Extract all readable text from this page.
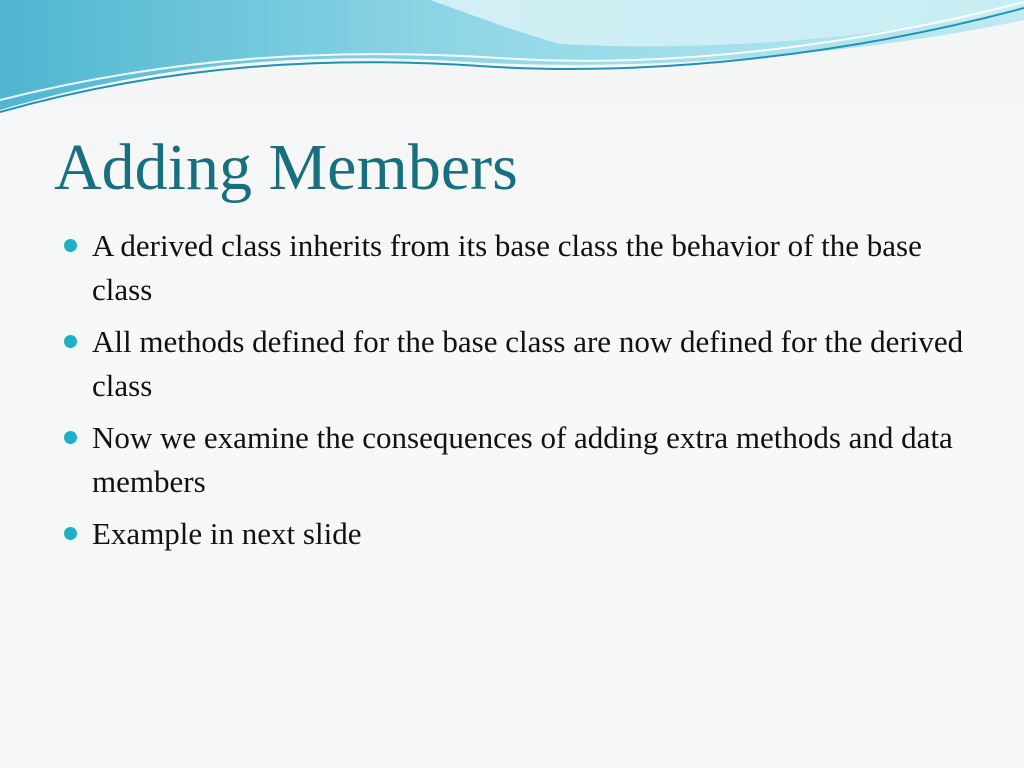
Adding Members
A derived class inherits from its base class the behavior of the base class
All methods defined for the base class are now defined for the derived class
Now we examine the consequences of adding extra methods and data members
Example in next slide
